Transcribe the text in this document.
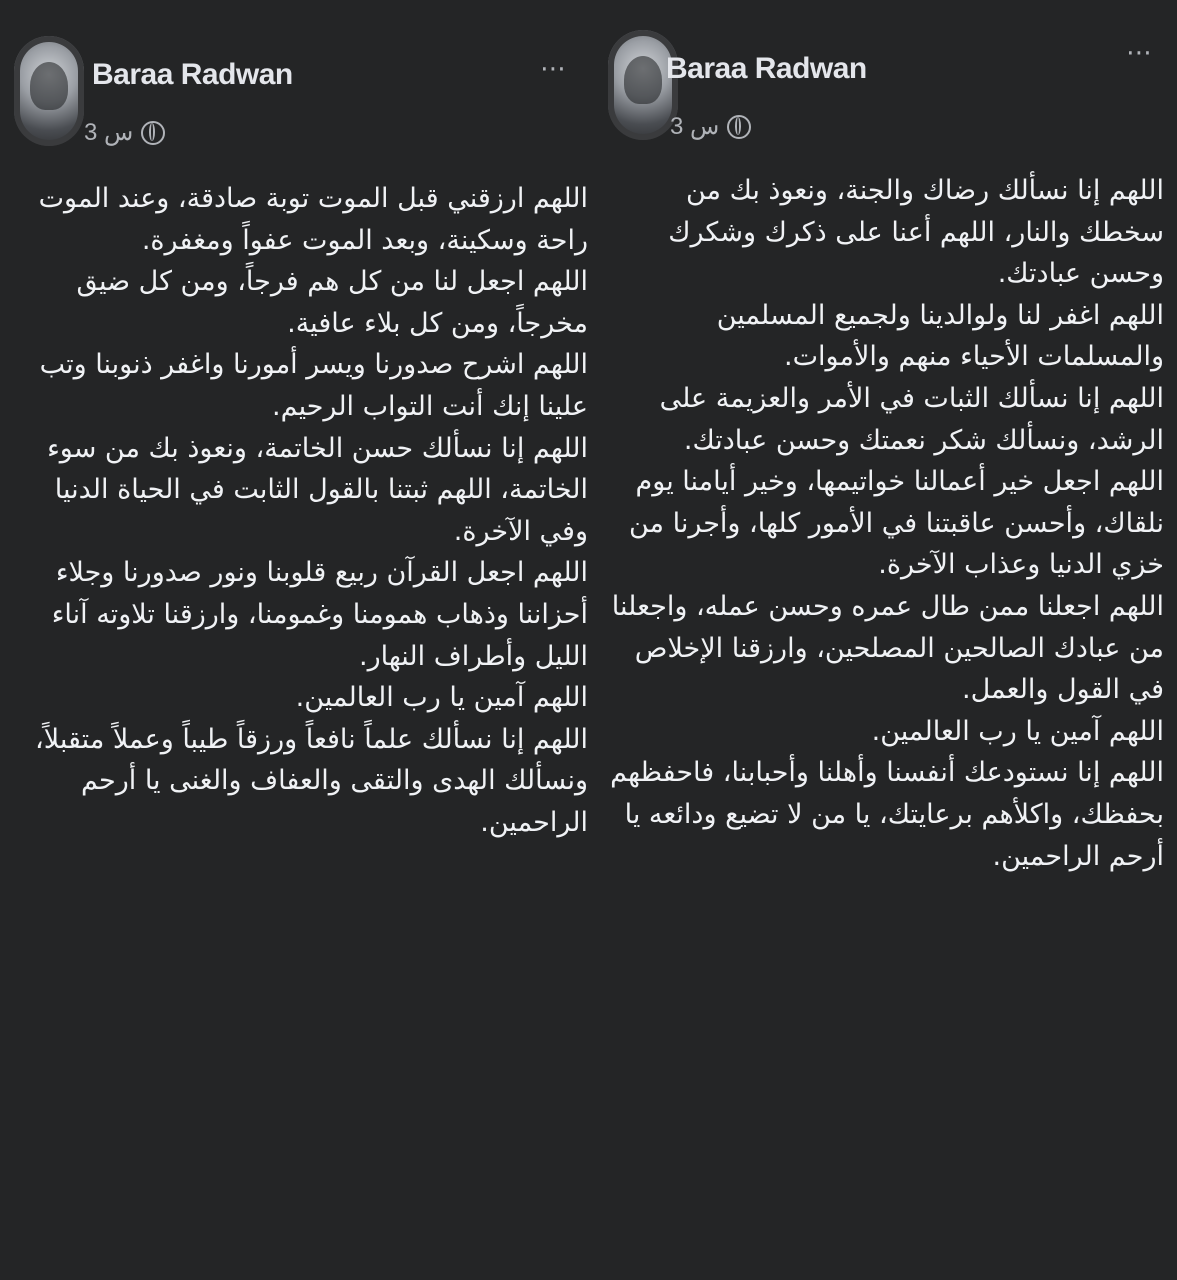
Baraa Radwan
3 س
⋯

اللهم ارزقني قبل الموت توبة صادقة، وعند الموت راحة وسكينة، وبعد الموت عفواً ومغفرة.

اللهم اجعل لنا من كل هم فرجاً، ومن كل ضيق مخرجاً، ومن كل بلاء عافية.

اللهم اشرح صدورنا ويسر أمورنا واغفر ذنوبنا وتب علينا إنك أنت التواب الرحيم.

اللهم إنا نسألك حسن الخاتمة، ونعوذ بك من سوء الخاتمة، اللهم ثبتنا بالقول الثابت في الحياة الدنيا وفي الآخرة.

اللهم اجعل القرآن ربيع قلوبنا ونور صدورنا وجلاء أحزاننا وذهاب همومنا وغمومنا، وارزقنا تلاوته آناء الليل وأطراف النهار.

اللهم آمين يا رب العالمين.

اللهم إنا نسألك علماً نافعاً ورزقاً طيباً وعملاً متقبلاً، ونسألك الهدى والتقى والعفاف والغنى يا أرحم الراحمين.

Baraa Radwan
3 س
⋯

اللهم إنا نسألك رضاك والجنة، ونعوذ بك من سخطك والنار، اللهم أعنا على ذكرك وشكرك وحسن عبادتك.

اللهم اغفر لنا ولوالدينا ولجميع المسلمين والمسلمات الأحياء منهم والأموات.

اللهم إنا نسألك الثبات في الأمر والعزيمة على الرشد، ونسألك شكر نعمتك وحسن عبادتك.

اللهم اجعل خير أعمالنا خواتيمها، وخير أيامنا يوم نلقاك، وأحسن عاقبتنا في الأمور كلها، وأجرنا من خزي الدنيا وعذاب الآخرة.

اللهم اجعلنا ممن طال عمره وحسن عمله، واجعلنا من عبادك الصالحين المصلحين، وارزقنا الإخلاص في القول والعمل.

اللهم آمين يا رب العالمين.

اللهم إنا نستودعك أنفسنا وأهلنا وأحبابنا، فاحفظهم بحفظك، واكلأهم برعايتك، يا من لا تضيع ودائعه يا أرحم الراحمين.
